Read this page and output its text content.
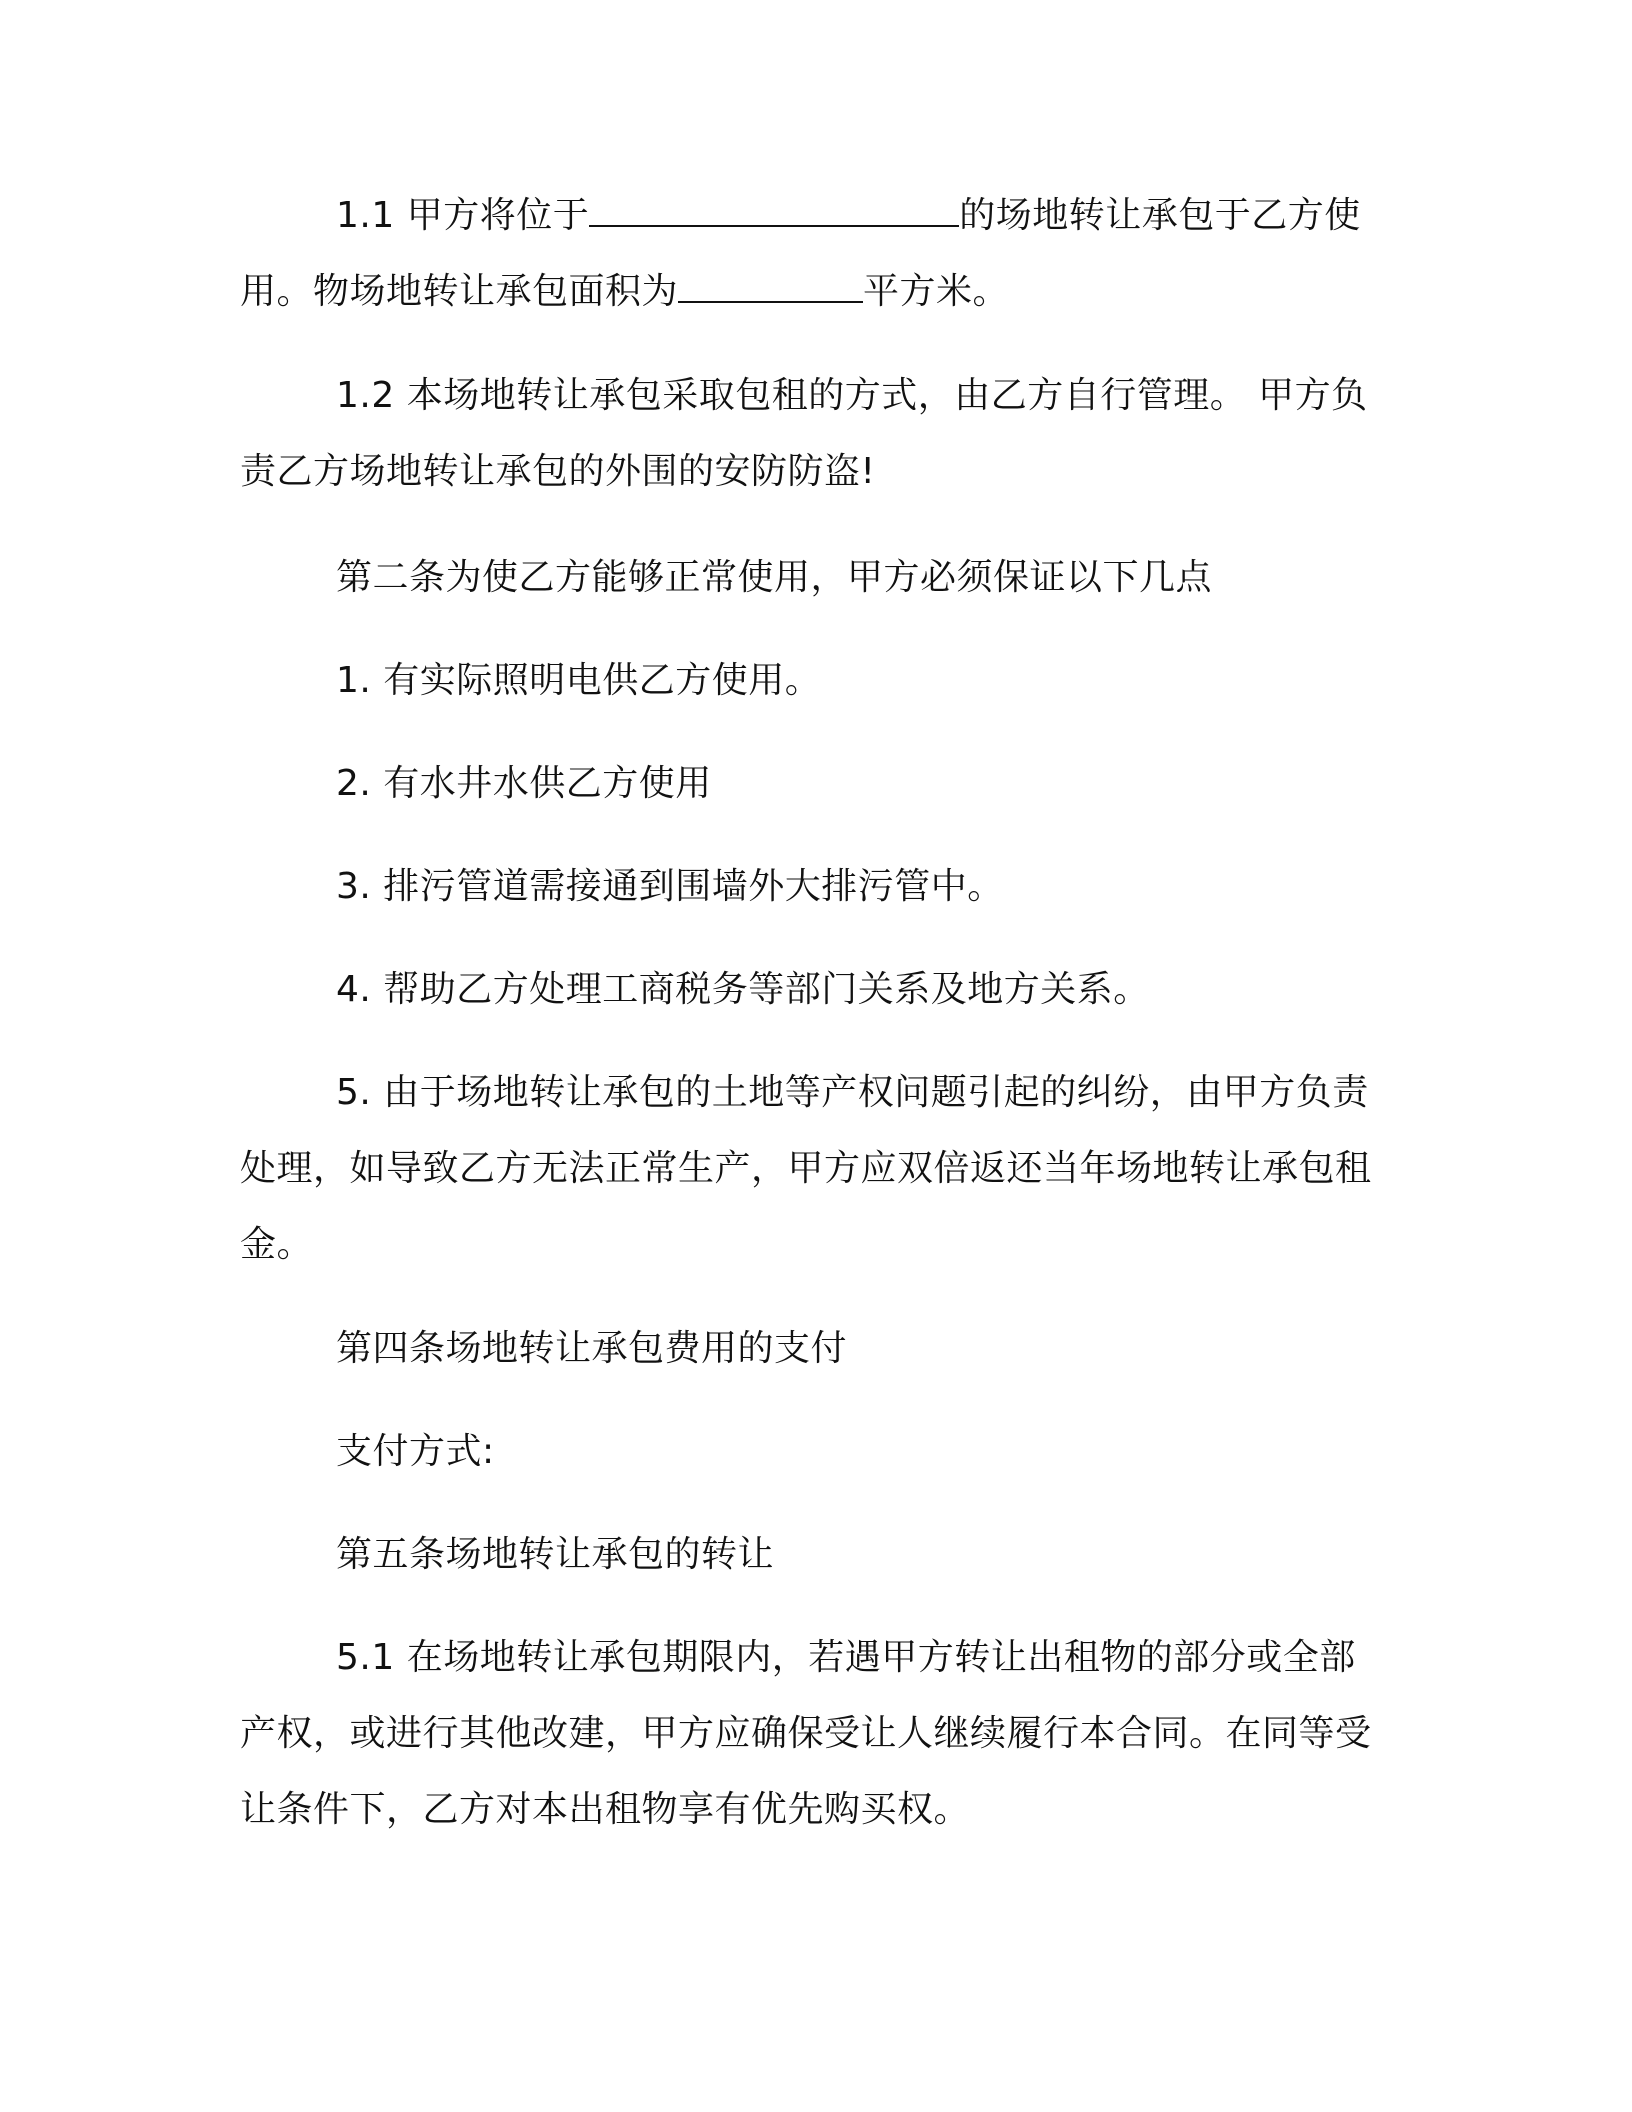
1.1 甲方将位于	的场地转让承包于乙方使用。物场地转让承包面积为	平方米。

1.2 本场地转让承包采取包租的方式，由乙方自行管理。 甲方负责乙方场地转让承包的外围的安防防盗!

第二条为使乙方能够正常使用，甲方必须保证以下几点

1. 有实际照明电供乙方使用。

2. 有水井水供乙方使用

3. 排污管道需接通到围墙外大排污管中。

4. 帮助乙方处理工商税务等部门关系及地方关系。

5. 由于场地转让承包的土地等产权问题引起的纠纷，由甲方负责处理，如导致乙方无法正常生产，甲方应双倍返还当年场地转让承包租金。

第四条场地转让承包费用的支付

支付方式:

第五条场地转让承包的转让

5.1 在场地转让承包期限内，若遇甲方转让出租物的部分或全部产权，或进行其他改建，甲方应确保受让人继续履行本合同。在同等受让条件下，乙方对本出租物享有优先购买权。
